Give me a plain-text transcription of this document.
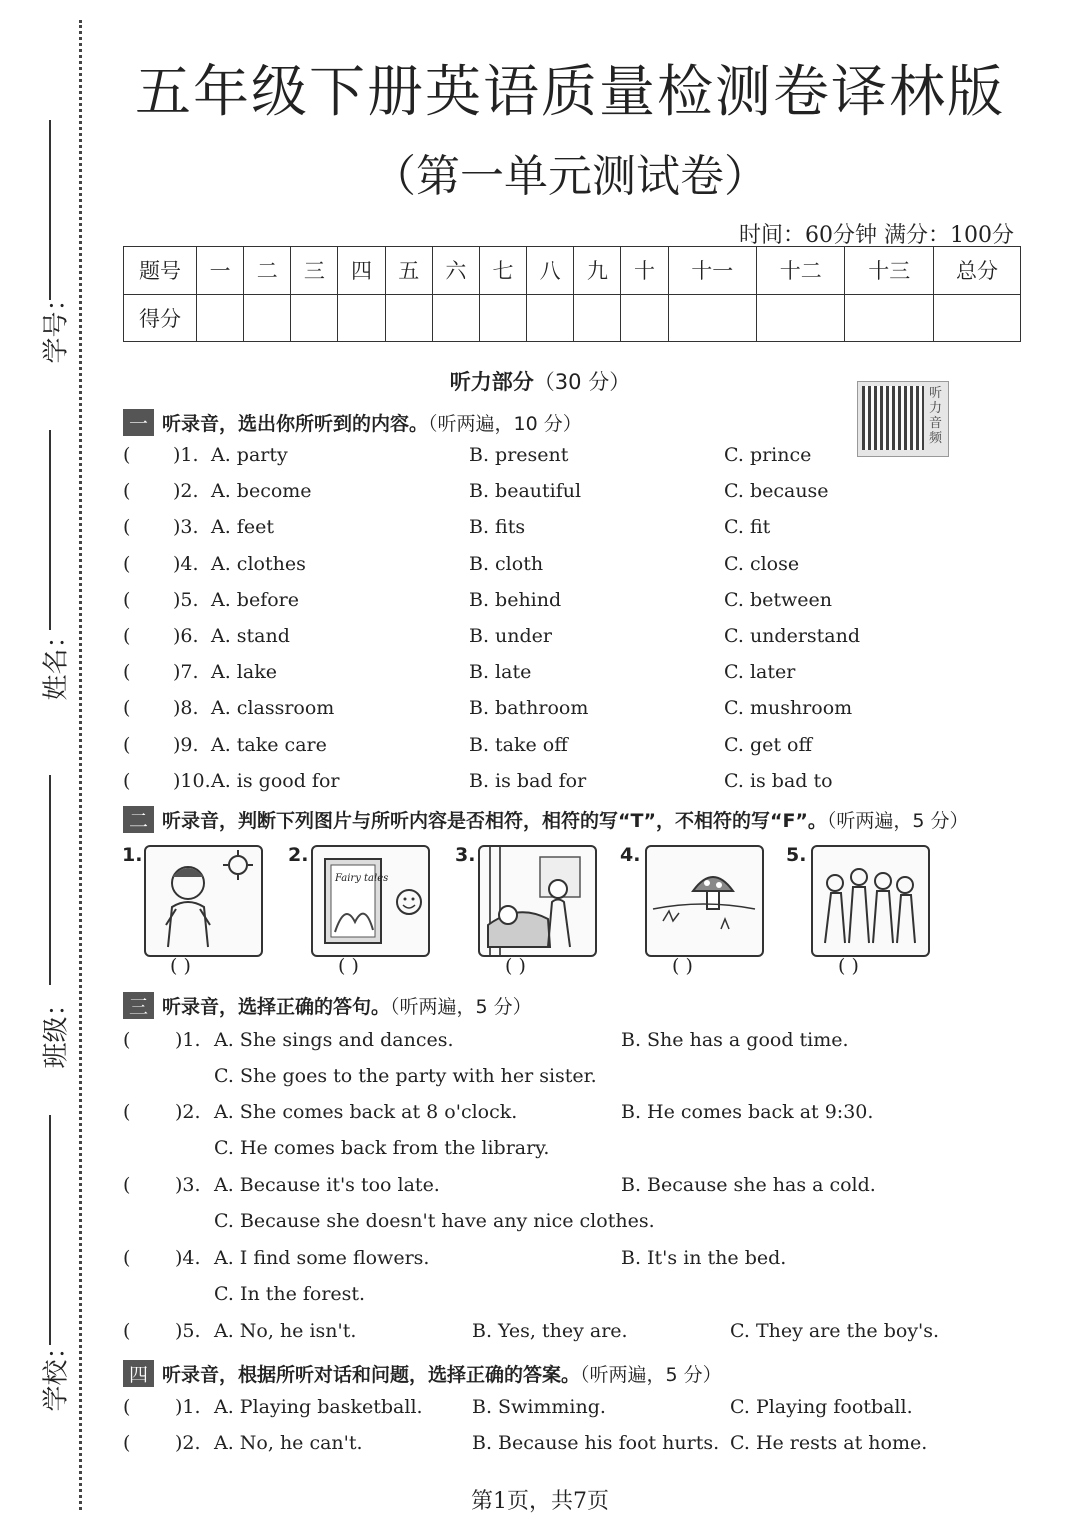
学号：
姓名：
班级：
学校：
五年级下册英语质量检测卷译林版
（第一单元测试卷）
时间：60分钟 满分：100分
题号	一	二	三	四	五	六	七	八	九	十	十一	十二	十三	总分
得分														
听力部分（30 分）	听力音频
一 听录音，选出你所听到的内容。（听两遍，10 分）
( )1. A. party	B. present	C. prince
( )2. A. become	B. beautiful	C. because
( )3. A. feet	B. fits	C. fit
( )4. A. clothes	B. cloth	C. close
( )5. A. before	B. behind	C. between
( )6. A. stand	B. under	C. understand
( )7. A. lake	B. late	C. later
( )8. A. classroom	B. bathroom	C. mushroom
( )9. A. take care	B. take off	C. get off
( )10. A. is good for	B. is bad for	C. is bad to
二 听录音，判断下列图片与所听内容是否相符，相符的写“T”，不相符的写“F”。（听两遍，5 分）
1.
( )
2.
Fairy tales
( )
3.
( )
4.
( )
5.
( )
三 听录音，选择正确的答句。（听两遍，5 分）
( )1. A. She sings and dances.	B. She has a good time.
C. She goes to the party with her sister.
( )2. A. She comes back at 8 o'clock.	B. He comes back at 9:30.
C. He comes back from the library.
( )3. A. Because it's too late.	B. Because she has a cold.
C. Because she doesn't have any nice clothes.
( )4. A. I find some flowers.	B. It's in the bed.
C. In the forest.
( )5. A. No, he isn't.	B. Yes, they are.	C. They are the boy's.
四 听录音，根据所听对话和问题，选择正确的答案。（听两遍，5 分）
( )1. A. Playing basketball.	B. Swimming.	C. Playing football.
( )2. A. No, he can't.	B. Because his foot hurts. C. He rests at home.
第1页，共7页
